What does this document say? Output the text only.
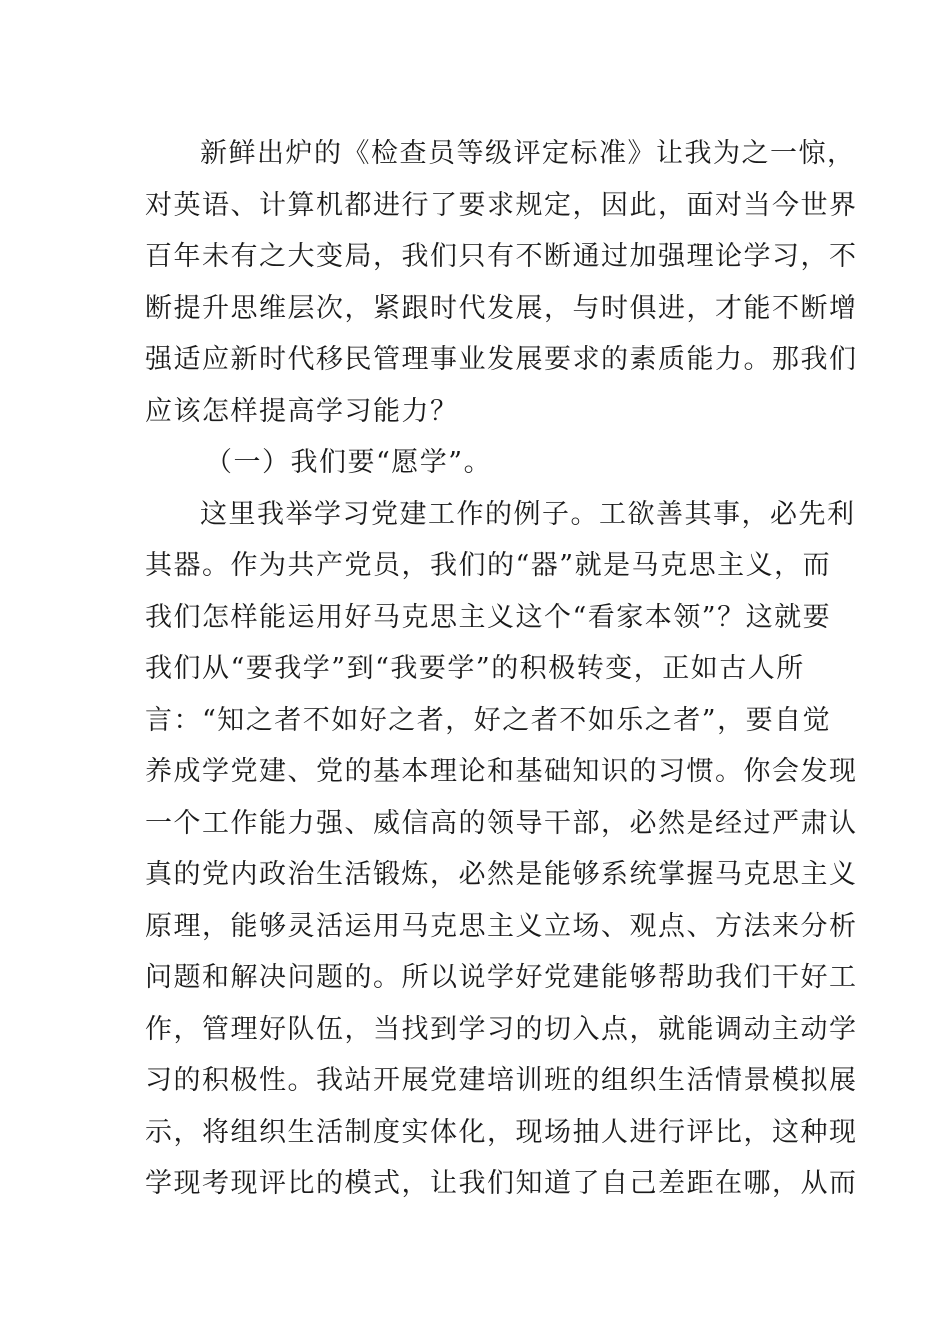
新鲜出炉的《检查员等级评定标准》让我为之一惊，
对英语、计算机都进行了要求规定，因此，面对当今世界
百年未有之大变局，我们只有不断通过加强理论学习，不
断提升思维层次，紧跟时代发展，与时俱进，才能不断增
强适应新时代移民管理事业发展要求的素质能力。那我们
应该怎样提高学习能力？
（一）我们要“愿学”。
这里我举学习党建工作的例子。工欲善其事，必先利
其器。作为共产党员，我们的“器”就是马克思主义，而
我们怎样能运用好马克思主义这个“看家本领”？这就要
我们从“要我学”到“我要学”的积极转变，正如古人所
言：“知之者不如好之者，好之者不如乐之者”，要自觉
养成学党建、党的基本理论和基础知识的习惯。你会发现
一个工作能力强、威信高的领导干部，必然是经过严肃认
真的党内政治生活锻炼，必然是能够系统掌握马克思主义
原理，能够灵活运用马克思主义立场、观点、方法来分析
问题和解决问题的。所以说学好党建能够帮助我们干好工
作，管理好队伍，当找到学习的切入点，就能调动主动学
习的积极性。我站开展党建培训班的组织生活情景模拟展
示，将组织生活制度实体化，现场抽人进行评比，这种现
学现考现评比的模式，让我们知道了自己差距在哪，从而
